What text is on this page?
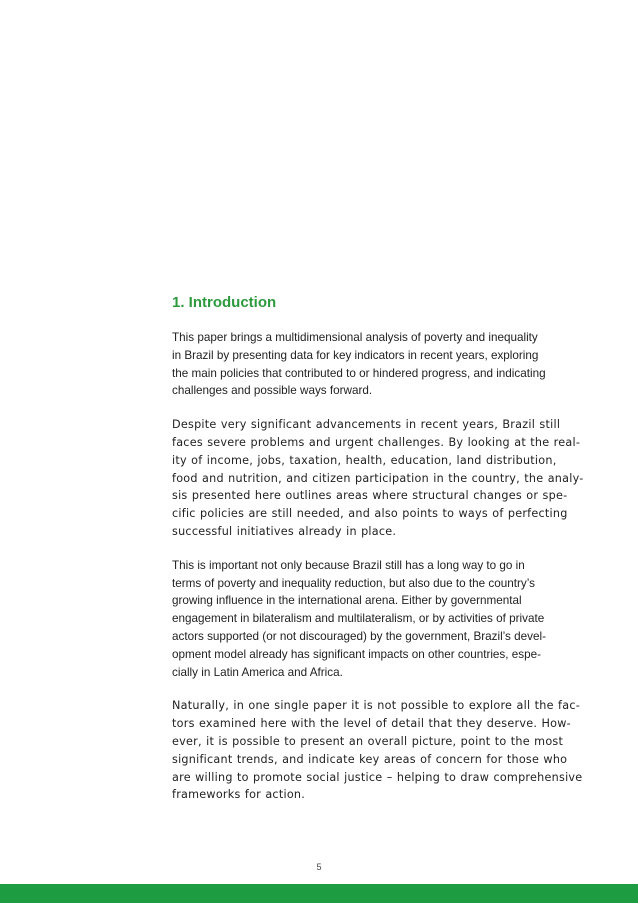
1. Introduction

This paper brings a multidimensional analysis of poverty and inequality
in Brazil by presenting data for key indicators in recent years, exploring
the main policies that contributed to or hindered progress, and indicating
challenges and possible ways forward.

Despite very significant advancements in recent years, Brazil still
faces severe problems and urgent challenges. By looking at the real-
ity of income, jobs, taxation, health, education, land distribution,
food and nutrition, and citizen participation in the country, the analy-
sis presented here outlines areas where structural changes or spe-
cific policies are still needed, and also points to ways of perfecting
successful initiatives already in place.

This is important not only because Brazil still has a long way to go in
terms of poverty and inequality reduction, but also due to the country’s
growing influence in the international arena. Either by governmental
engagement in bilateralism and multilateralism, or by activities of private
actors supported (or not discouraged) by the government, Brazil’s devel-
opment model already has significant impacts on other countries, espe-
cially in Latin America and Africa.

Naturally, in one single paper it is not possible to explore all the fac-
tors examined here with the level of detail that they deserve. How-
ever, it is possible to present an overall picture, point to the most
significant trends, and indicate key areas of concern for those who
are willing to promote social justice – helping to draw comprehensive
frameworks for action.

5
